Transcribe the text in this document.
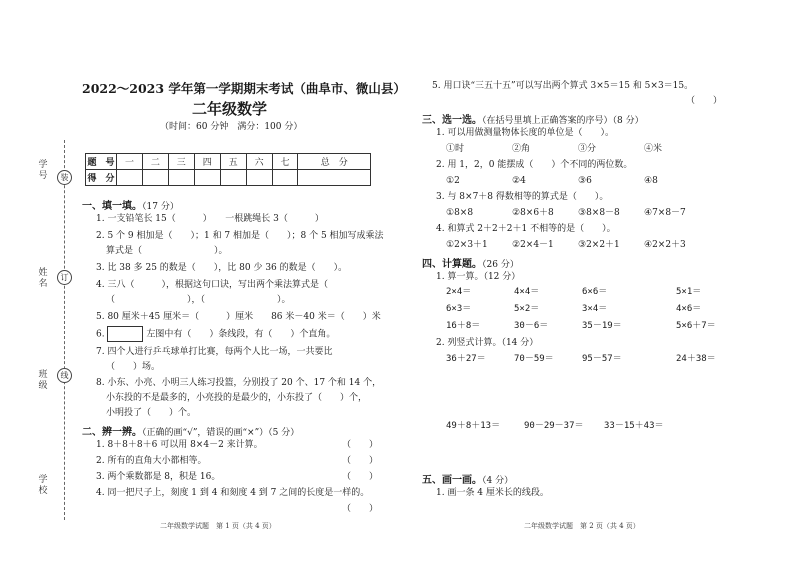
学号
姓名
班级
学校
装
订
线
2022～2023 学年第一学期期末考试（曲阜市、微山县）
二年级数学
（时间：60 分钟　满分：100 分）
题　号	一	二	三	四	五	六	七	总　分
得　分								
一、填一填。（17 分）
1. 一支铅笔长 15（　　　）　　一根跳绳长 3（　　　）
2. 5 个 9 相加是（　　）；1 和 7 相加是（　　）；8 个 5 相加写成乘法
算式是（　　　　　　　　）。
3. 比 38 多 25 的数是（　　），比 80 少 36 的数是（　　）。
4. 三八（　　　），根据这句口诀，写出两个乘法算式是（
（　　　　　　　　），（　　　　　　　　）。
5. 80 厘米＋45 厘米＝（　　　）厘米　　86 米－40 米＝（　　）米
6.	左图中有（　　）条线段，有（　　）个直角。
7. 四个人进行乒乓球单打比赛，每两个人比一场，一共要比
（　　）场。
8. 小东、小亮、小明三人练习投篮，分别投了 20 个、17 个和 14 个，
小东投的不是最多的，小亮投的是最少的，小东投了（　　）个，
小明投了（　　）个。
二、辨一辨。（正确的画“√”，错误的画“×”）（5 分）
1. 8＋8＋8＋6 可以用 8×4－2 来计算。	（　　）
2. 所有的直角大小都相等。	（　　）
3. 两个乘数都是 8，积是 16。	（　　）
4. 同一把尺子上，刻度 1 到 4 和刻度 4 到 7 之间的长度是一样的。
（　　）
二年级数学试题　第 1 页（共 4 页）
5. 用口诀“三五十五”可以写出两个算式 3×5＝15 和 5×3＝15。
（　　）
三、选一选。（在括号里填上正确答案的序号）（8 分）
1. 可以用做测量物体长度的单位是（　　）。
①时	②角	③分	④米
2. 用 1，2，0 能摆成（　　）个不同的两位数。
①2	②4	③6	④8
3. 与 8×7＋8 得数相等的算式是（　　）。
①8×8	②8×6＋8	③8×8－8	④7×8－7
4. 和算式 2＋2＋2＋1 不相等的是（　　）。
①2×3＋1	②2×4－1	③2×2＋1	④2×2＋3
四、计算题。（26 分）
1. 算一算。（12 分）
2×4＝	4×4＝	6×6＝	5×1＝
6×3＝	5×2＝	3×4＝	4×6＝
16＋8＝	30－6＝	35－19＝	5×6＋7＝
2. 列竖式计算。（14 分）
36＋27＝	70－59＝	95－57＝	24＋38＝
49＋8＋13＝	90－29－37＝ 33－15＋43＝
五、画一画。（4 分）
1. 画一条 4 厘米长的线段。
二年级数学试题　第 2 页（共 4 页）
